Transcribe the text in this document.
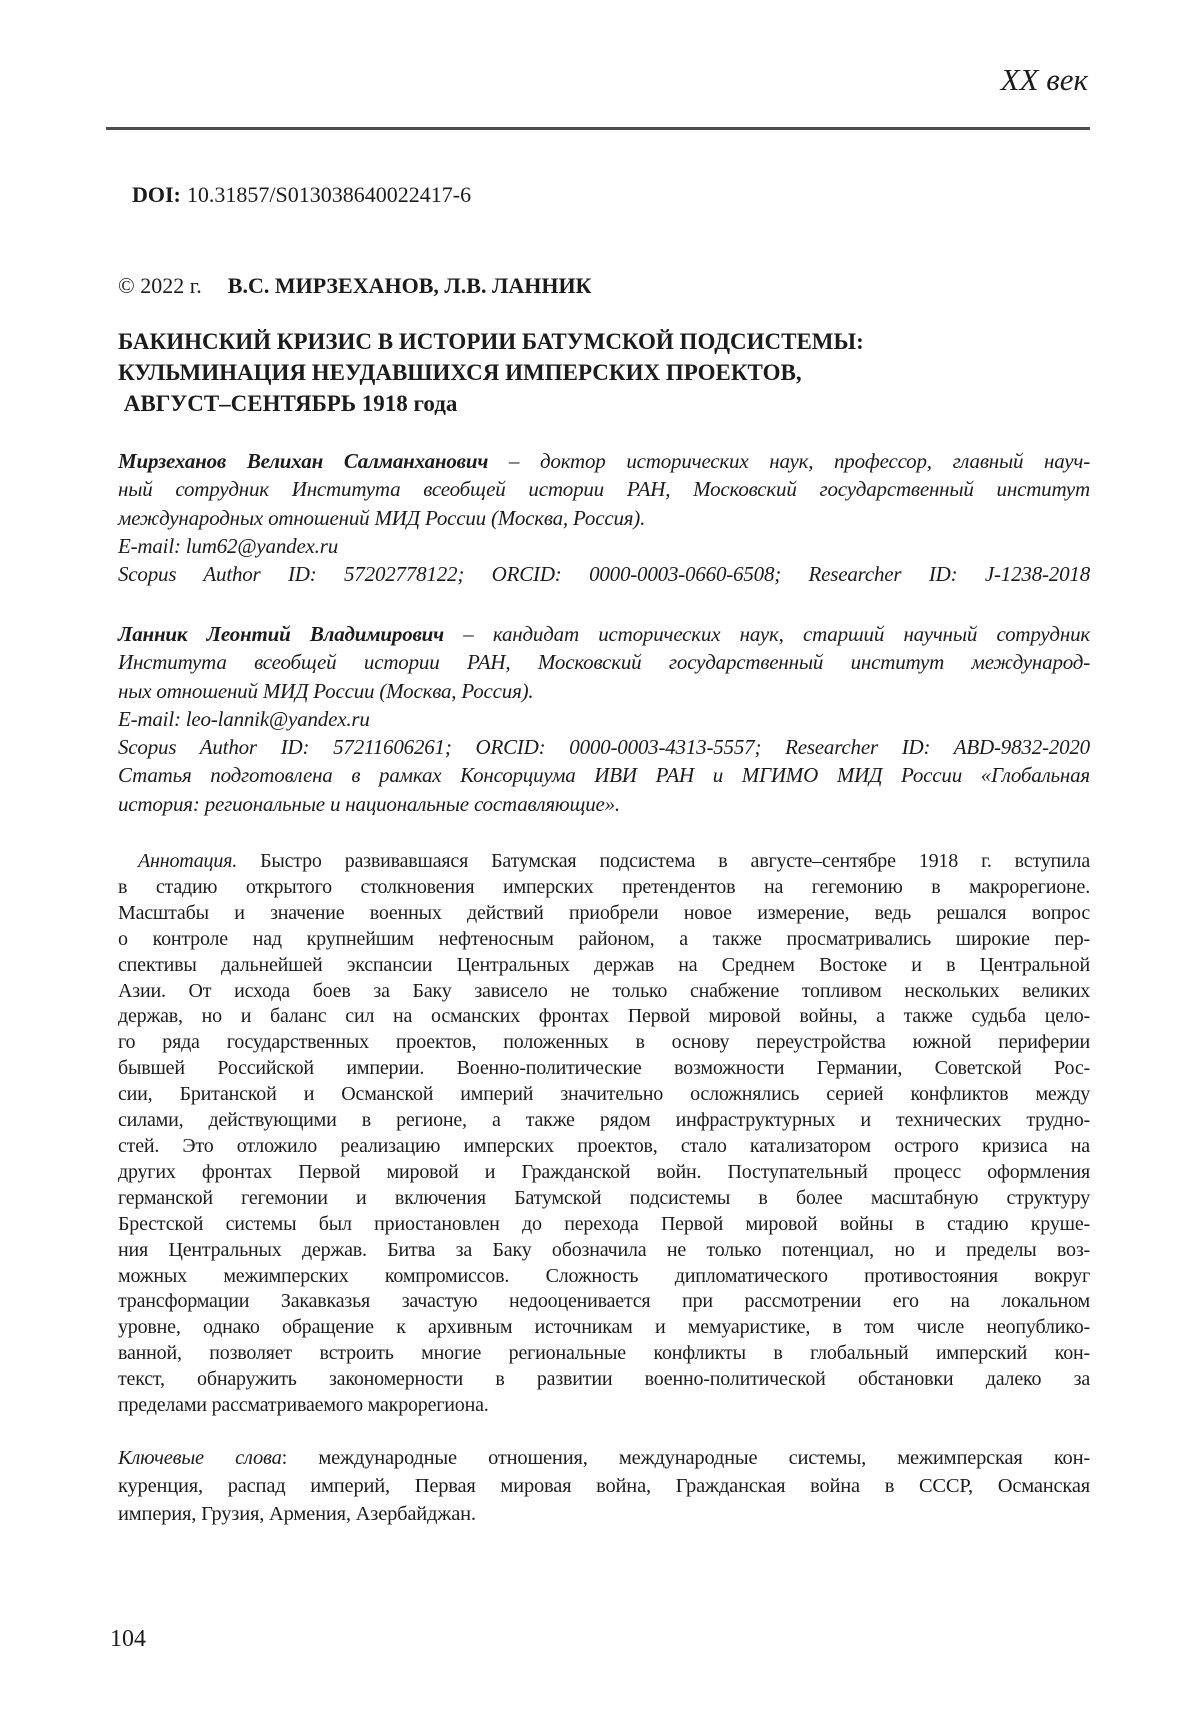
XX век
DOI: 10.31857/S013038640022417-6
© 2022 г. В.С. МИРЗЕХАНОВ, Л.В. ЛАННИК
БАКИНСКИЙ КРИЗИС В ИСТОРИИ БАТУМСКОЙ ПОДСИСТЕМЫ:
КУЛЬМИНАЦИЯ НЕУДАВШИХСЯ ИМПЕРСКИХ ПРОЕКТОВ,
АВГУСТ–СЕНТЯБРЬ 1918 года
Мирзеханов Велихан Салманханович – доктор исторических наук, профессор, главный науч-
ный сотрудник Института всеобщей истории РАН, Московский государственный институт
международных отношений МИД России (Москва, Россия).
E-mail: lum62@yandex.ru
Scopus Author ID: 57202778122; ORCID: 0000-0003-0660-6508; Researcher ID: J-1238-2018
Ланник Леонтий Владимирович – кандидат исторических наук, старший научный сотрудник
Института всеобщей истории РАН, Московский государственный институт международ-
ных отношений МИД России (Москва, Россия).
E-mail: leo-lannik@yandex.ru
Scopus Author ID: 57211606261; ORCID: 0000-0003-4313-5557; Researcher ID: ABD-9832-2020
Статья подготовлена в рамках Консорциума ИВИ РАН и МГИМО МИД России «Глобальная
история: региональные и национальные составляющие».
Аннотация. Быстро развивавшаяся Батумская подсистема в августе–сентябре 1918 г. вступила
в стадию открытого столкновения имперских претендентов на гегемонию в макрорегионе.
Масштабы и значение военных действий приобрели новое измерение, ведь решался вопрос
о контроле над крупнейшим нефтеносным районом, а также просматривались широкие пер-
спективы дальнейшей экспансии Центральных держав на Среднем Востоке и в Центральной
Азии. От исхода боев за Баку зависело не только снабжение топливом нескольких великих
держав, но и баланс сил на османских фронтах Первой мировой войны, а также судьба цело-
го ряда государственных проектов, положенных в основу переустройства южной периферии
бывшей Российской империи. Военно-политические возможности Германии, Советской Рос-
сии, Британской и Османской империй значительно осложнялись серией конфликтов между
силами, действующими в регионе, а также рядом инфраструктурных и технических трудно-
стей. Это отложило реализацию имперских проектов, стало катализатором острого кризиса на
других фронтах Первой мировой и Гражданской войн. Поступательный процесс оформления
германской гегемонии и включения Батумской подсистемы в более масштабную структуру
Брестской системы был приостановлен до перехода Первой мировой войны в стадию круше-
ния Центральных держав. Битва за Баку обозначила не только потенциал, но и пределы воз-
можных межимперских компромиссов. Сложность дипломатического противостояния вокруг
трансформации Закавказья зачастую недооценивается при рассмотрении его на локальном
уровне, однако обращение к архивным источникам и мемуаристике, в том числе неопублико-
ванной, позволяет встроить многие региональные конфликты в глобальный имперский кон-
текст, обнаружить закономерности в развитии военно-политической обстановки далеко за
пределами рассматриваемого макрорегиона.
Ключевые слова: международные отношения, международные системы, межимперская кон-
куренция, распад империй, Первая мировая война, Гражданская война в СССР, Османская
империя, Грузия, Армения, Азербайджан.
104
